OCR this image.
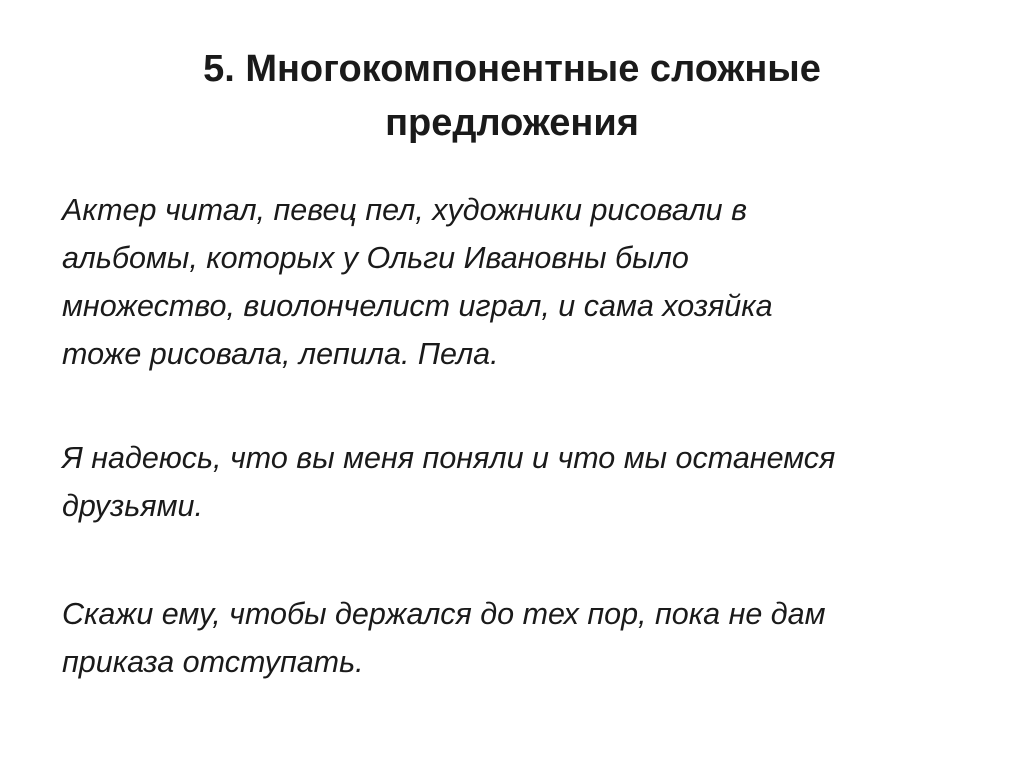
5. Многокомпонентные сложные
предложения

Актер читал, певец пел, художники рисовали в
альбомы, которых у Ольги Ивановны было
множество, виолончелист играл, и сама хозяйка
тоже рисовала, лепила. Пела.

Я надеюсь, что вы меня поняли и что мы останемся
друзьями.

Скажи ему, чтобы держался до тех пор, пока не дам
приказа отступать.
